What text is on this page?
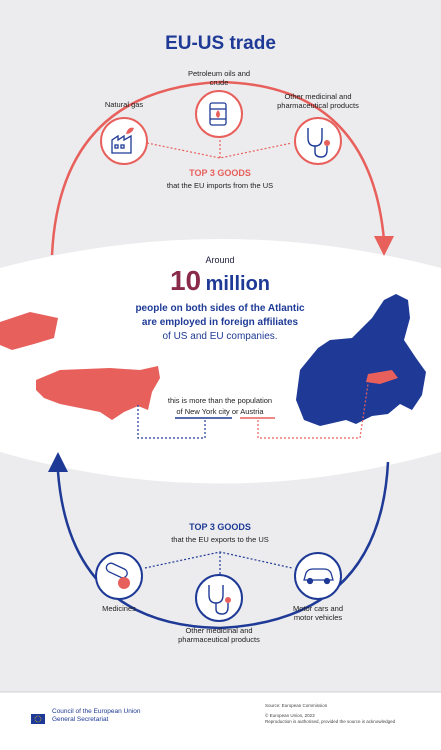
EU-US trade
Natural gas
Petroleum oils and crude
Other medicinal and pharmaceutical products
TOP 3 GOODS
that the EU imports from the US
Around
10 million
people on both sides of the Atlantic
are employed in foreign affiliates
of US and EU companies.
this is more than the population
of New York city or Austria
TOP 3 GOODS
that the EU exports to the US
Medicines
Other medicinal and pharmaceutical products
Motor cars and motor vehicles
Council of the European Union
General Secretariat
Source: European Commission
© European Union, 2023
Reproduction is authorised, provided the source is acknowledged
